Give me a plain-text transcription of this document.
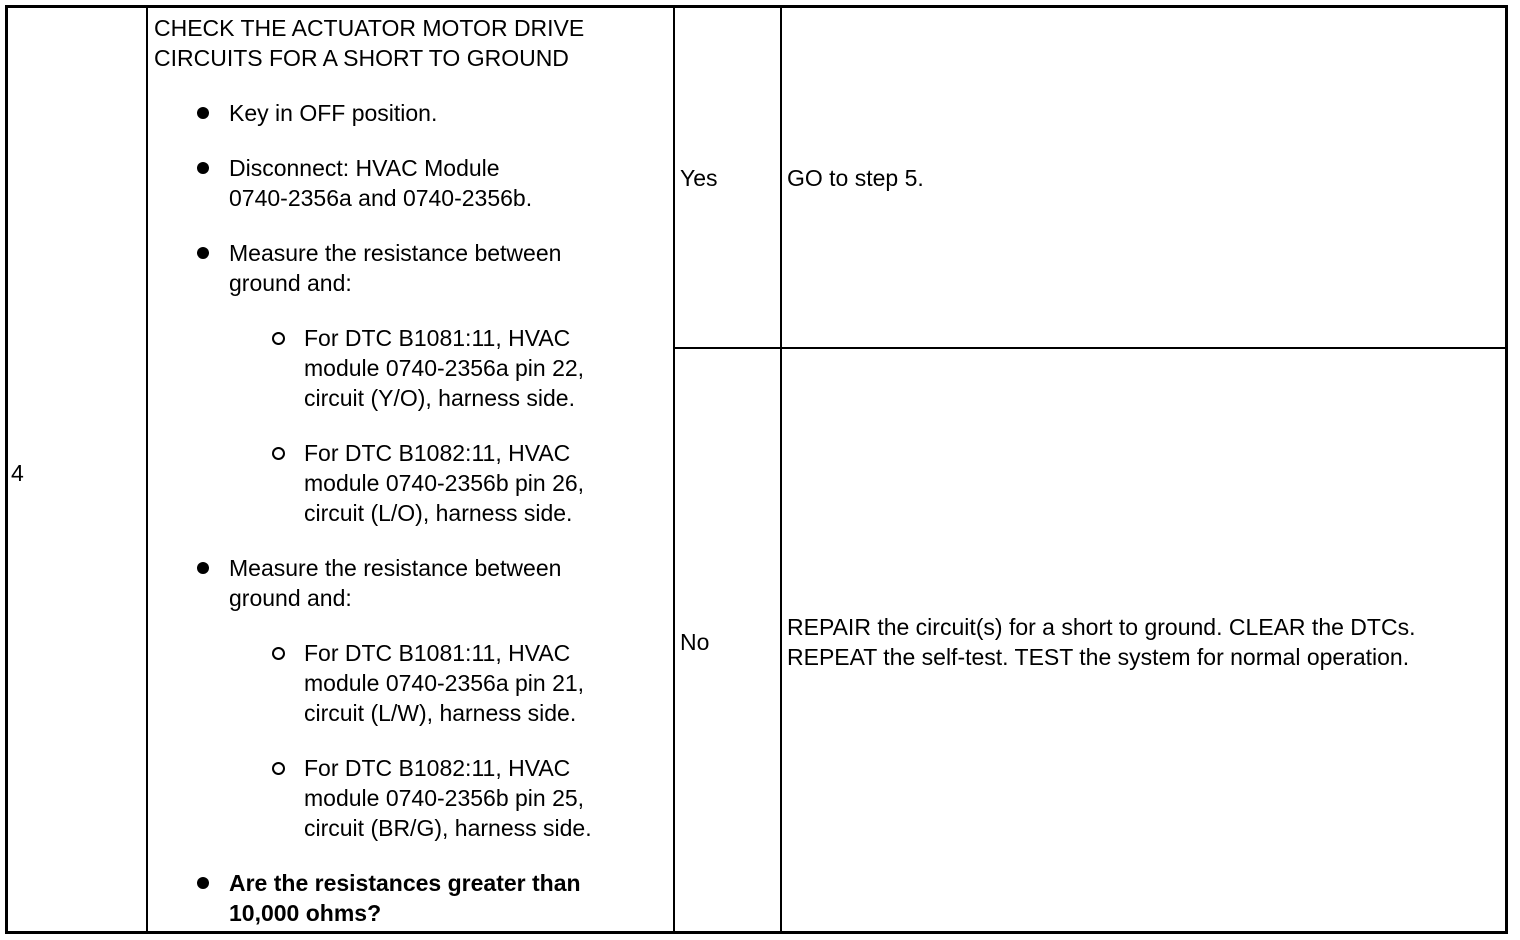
4
CHECK THE ACTUATOR MOTOR DRIVE
CIRCUITS FOR A SHORT TO GROUND
Key in OFF position.
Disconnect: HVAC Module
0740-2356a and 0740-2356b.
Measure the resistance between
ground and:
For DTC B1081:11, HVAC
module 0740-2356a pin 22,
circuit (Y/O), harness side.
For DTC B1082:11, HVAC
module 0740-2356b pin 26,
circuit (L/O), harness side.
Measure the resistance between
ground and:
For DTC B1081:11, HVAC
module 0740-2356a pin 21,
circuit (L/W), harness side.
For DTC B1082:11, HVAC
module 0740-2356b pin 25,
circuit (BR/G), harness side.
Are the resistances greater than
10,000 ohms?
Yes	GO to step 5.
No
REPAIR the circuit(s) for a short to ground. CLEAR the DTCs.
REPEAT the self-test. TEST the system for normal operation.
